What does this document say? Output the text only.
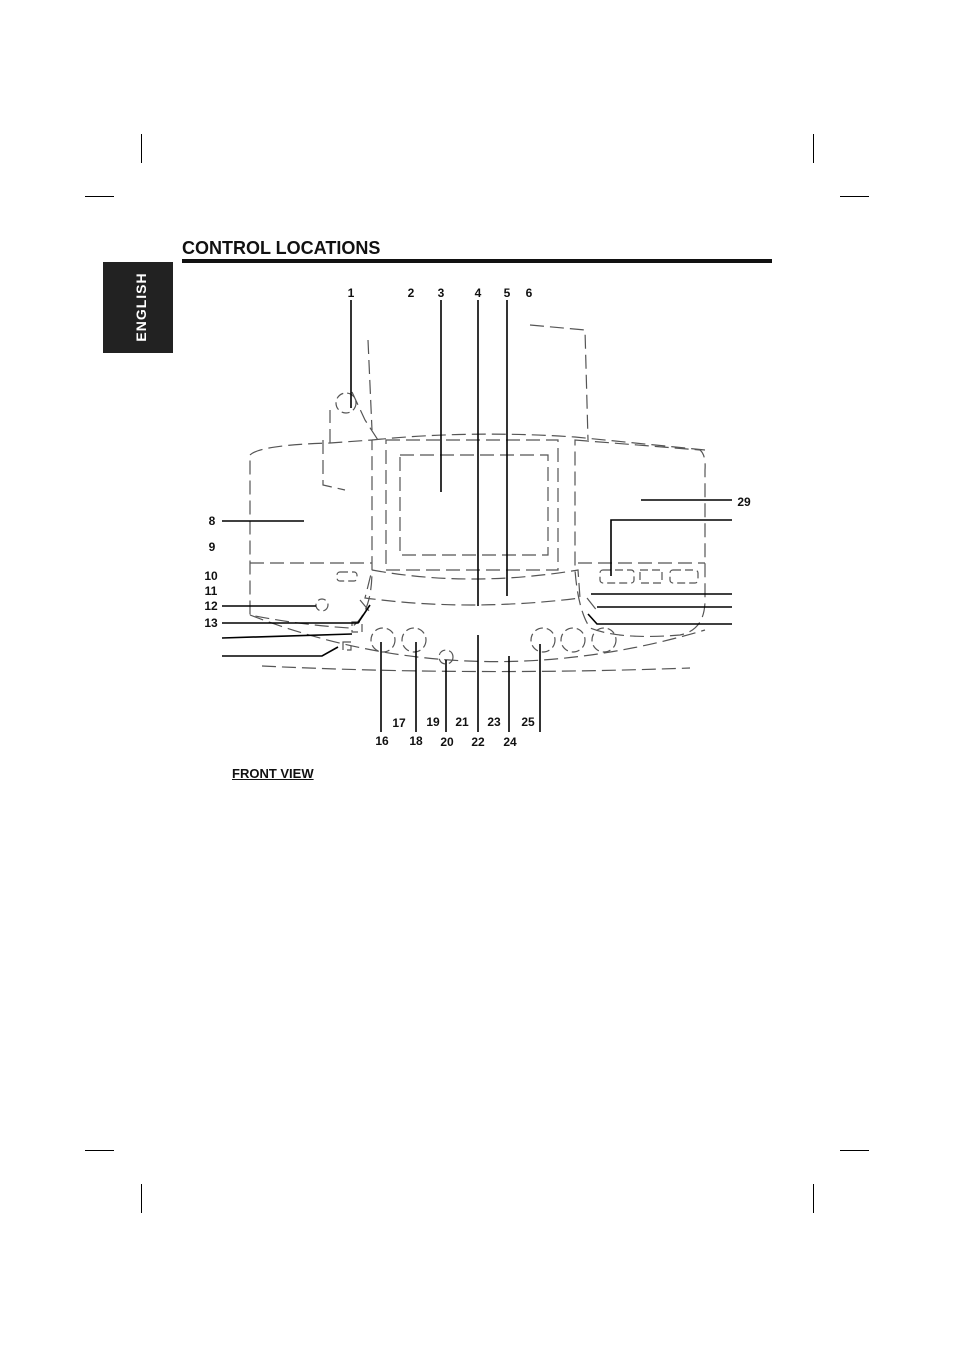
ENGLISH
CONTROL LOCATIONS
1	2 3	4 5 6
8
9
10
11
12
13
16
17
18
19
20
21
22
23
24
25
29
FRONT VIEW
